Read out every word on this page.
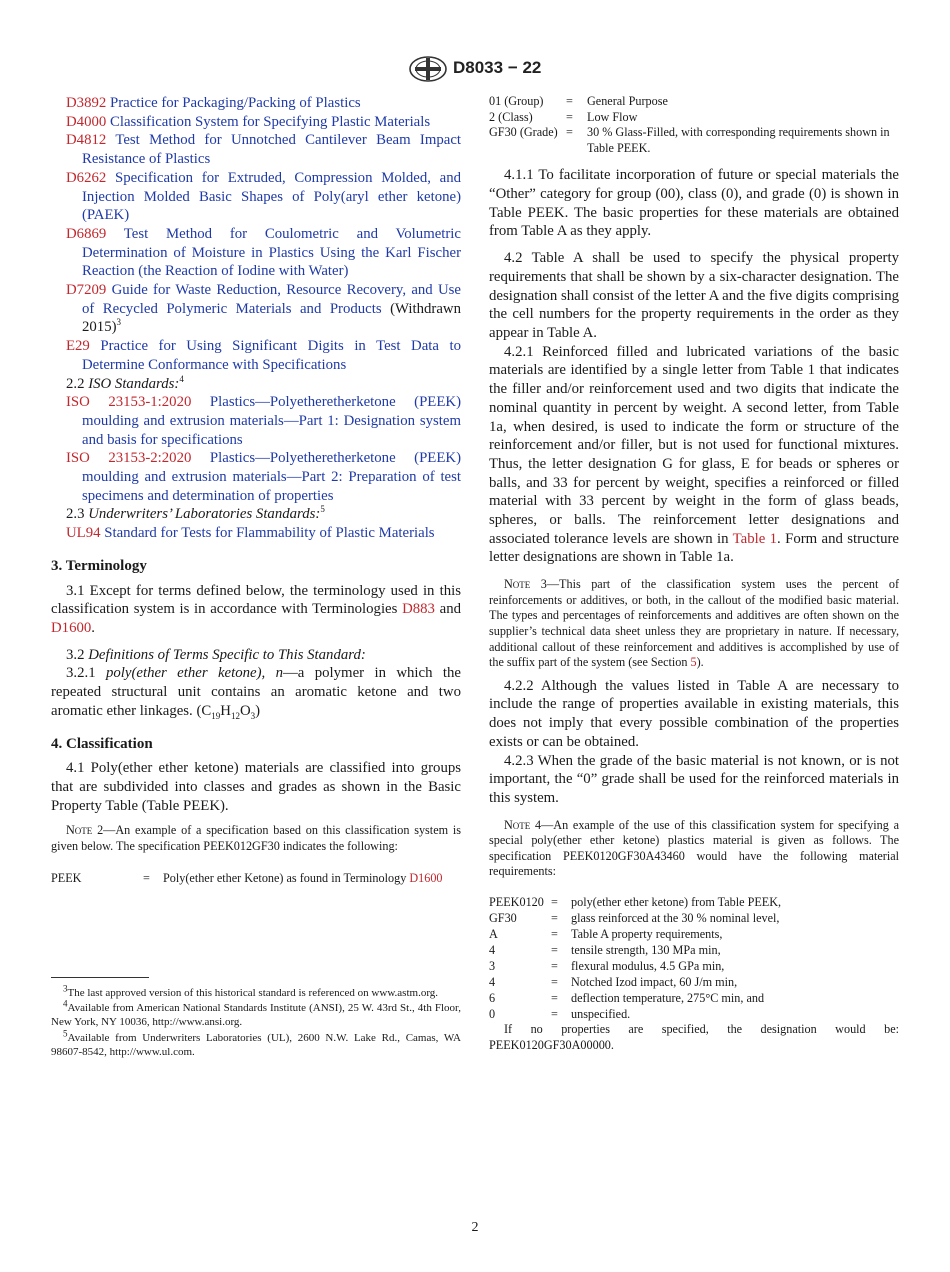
D8033 − 22

D3892 Practice for Packaging/Packing of Plastics

D4000 Classification System for Specifying Plastic Materials

D4812 Test Method for Unnotched Cantilever Beam Impact Resistance of Plastics

D6262 Specification for Extruded, Compression Molded, and Injection Molded Basic Shapes of Poly(aryl ether ketone) (PAEK)

D6869 Test Method for Coulometric and Volumetric Determination of Moisture in Plastics Using the Karl Fischer Reaction (the Reaction of Iodine with Water)

D7209 Guide for Waste Reduction, Resource Recovery, and Use of Recycled Polymeric Materials and Products (Withdrawn 2015)$^3$

E29 Practice for Using Significant Digits in Test Data to Determine Conformance with Specifications

2.2 ISO Standards:$^4$

ISO 23153-1:2020 Plastics—Polyetheretherketone (PEEK) moulding and extrusion materials—Part 1: Designation system and basis for specifications

ISO 23153-2:2020 Plastics—Polyetheretherketone (PEEK) moulding and extrusion materials—Part 2: Preparation of test specimens and determination of properties

2.3 Underwriters’ Laboratories Standards:$^5$

UL94 Standard for Tests for Flammability of Plastic Materials

3. Terminology

3.1 Except for terms defined below, the terminology used in this classification system is in accordance with Terminologies D883 and D1600.

3.2 Definitions of Terms Specific to This Standard:

3.2.1 poly(ether ether ketone), n—a polymer in which the repeated structural unit contains an aromatic ketone and two aromatic ether linkages. $(C_{19}H_{12}O_3)$

4. Classification

4.1 Poly(ether ether ketone) materials are classified into groups that are subdivided into classes and grades as shown in the Basic Property Table (Table PEEK).

Note 2—An example of a specification based on this classification system is given below. The specification PEEK012GF30 indicates the following:

PEEK	=	Poly(ether ether Ketone) as found in Terminology D1600

$^3$The last approved version of this historical standard is referenced on www.astm.org.

$^4$Available from American National Standards Institute (ANSI), 25 W. 43rd St., 4th Floor, New York, NY 10036, http://www.ansi.org.

$^5$Available from Underwriters Laboratories (UL), 2600 N.W. Lake Rd., Camas, WA 98607-8542, http://www.ul.com.

01 (Group)	=	General Purpose
2 (Class)	=	Low Flow
GF30 (Grade) =	30 % Glass-Filled, with corresponding requirements shown in Table PEEK.

4.1.1 To facilitate incorporation of future or special materials the “Other” category for group (00), class (0), and grade (0) is shown in Table PEEK. The basic properties for these materials are obtained from Table A as they apply.

4.2 Table A shall be used to specify the physical property requirements that shall be shown by a six-character designation. The designation shall consist of the letter A and the five digits comprising the cell numbers for the property requirements in the order as they appear in Table A.

4.2.1 Reinforced filled and lubricated variations of the basic materials are identified by a single letter from Table 1 that indicates the filler and/or reinforcement used and two digits that indicate the nominal quantity in percent by weight. A second letter, from Table 1a, when desired, is used to indicate the form or structure of the reinforcement and/or filler, but is not used for functional mixtures. Thus, the letter designation G for glass, E for beads or spheres or balls, and 33 for percent by weight, specifies a reinforced or filled material with 33 percent by weight in the form of glass beads, spheres, or balls. The reinforcement letter designations and associated tolerance levels are shown in Table 1. Form and structure letter designations are shown in Table 1a.

Note 3—This part of the classification system uses the percent of reinforcements or additives, or both, in the callout of the modified basic material. The types and percentages of reinforcements and additives are often shown on the supplier’s technical data sheet unless they are proprietary in nature. If necessary, additional callout of these reinforcement and additives is accomplished by use of the suffix part of the system (see Section 5).

4.2.2 Although the values listed in Table A are necessary to include the range of properties available in existing materials, this does not imply that every possible combination of the properties exists or can be obtained.

4.2.3 When the grade of the basic material is not known, or is not important, the “0” grade shall be used for the reinforced materials in this system.

Note 4—An example of the use of this classification system for specifying a special poly(ether ether ketone) plastics material is given as follows. The specification PEEK0120GF30A43460 would have the following material requirements:

PEEK0120 =	poly(ether ether ketone) from Table PEEK,
GF30	=	glass reinforced at the 30 % nominal level,
A	=	Table A property requirements,
4	=	tensile strength, 130 MPa min,
3	=	flexural modulus, 4.5 GPa min,
4	=	Notched Izod impact, 60 J/m min,
6	=	deflection temperature, 275°C min, and
0	=	unspecified.

If no properties are specified, the designation would be: PEEK0120GF30A00000.

2
